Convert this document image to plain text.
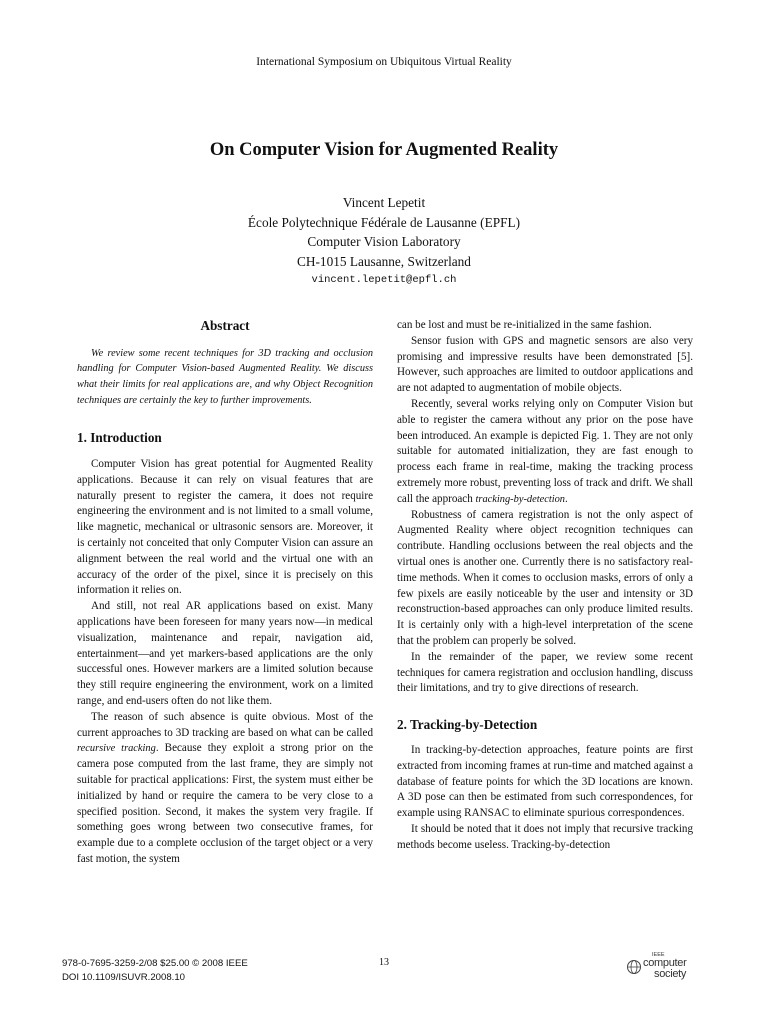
International Symposium on Ubiquitous Virtual Reality
On Computer Vision for Augmented Reality
Vincent Lepetit
École Polytechnique Fédérale de Lausanne (EPFL)
Computer Vision Laboratory
CH-1015 Lausanne, Switzerland
vincent.lepetit@epfl.ch
Abstract

We review some recent techniques for 3D tracking and occlusion handling for Computer Vision-based Augmented Reality. We discuss what their limits for real applications are, and why Object Recognition techniques are certainly the key to further improvements.

1. Introduction

Computer Vision has great potential for Augmented Reality applications. Because it can rely on visual features that are naturally present to register the camera, it does not require engineering the environment and is not limited to a small volume, like magnetic, mechanical or ultrasonic sensors are. Moreover, it is certainly not conceited that only Computer Vision can assure an alignment between the real world and the virtual one with an accuracy of the order of the pixel, since it is precisely on this information it relies on.

And still, not real AR applications based on exist. Many applications have been foreseen for many years now—in medical visualization, maintenance and repair, navigation aid, entertainment—and yet markers-based applications are the only successful ones. However markers are a limited solution because they still require engineering the environment, work on a limited range, and end-users often do not like them.

The reason of such absence is quite obvious. Most of the current approaches to 3D tracking are based on what can be called recursive tracking. Because they exploit a strong prior on the camera pose computed from the last frame, they are simply not suitable for practical applications: First, the system must either be initialized by hand or require the camera to be very close to a specified position. Second, it makes the system very fragile. If something goes wrong between two consecutive frames, for example due to a complete occlusion of the target object or a very fast motion, the system

can be lost and must be re-initialized in the same fashion.

Sensor fusion with GPS and magnetic sensors are also very promising and impressive results have been demonstrated [5]. However, such approaches are limited to outdoor applications and are not adapted to augmentation of mobile objects.

Recently, several works relying only on Computer Vision but able to register the camera without any prior on the pose have been introduced. An example is depicted Fig. 1. They are not only suitable for automated initialization, they are fast enough to process each frame in real-time, making the tracking process extremely more robust, preventing loss of track and drift. We shall call the approach tracking-by-detection.

Robustness of camera registration is not the only aspect of Augmented Reality where object recognition techniques can contribute. Handling occlusions between the real objects and the virtual ones is another one. Currently there is no satisfactory real-time methods. When it comes to occlusion masks, errors of only a few pixels are easily noticeable by the user and intensity or 3D reconstruction-based approaches can only produce limited results. It is certainly only with a high-level interpretation of the scene that the problem can properly be solved.

In the remainder of the paper, we review some recent techniques for camera registration and occlusion handling, discuss their limitations, and try to give directions of research.

2. Tracking-by-Detection

In tracking-by-detection approaches, feature points are first extracted from incoming frames at run-time and matched against a database of feature points for which the 3D locations are known. A 3D pose can then be estimated from such correspondences, for example using RANSAC to eliminate spurious correspondences.

It should be noted that it does not imply that recursive tracking methods become useless. Tracking-by-detection

978-0-7695-3259-2/08 $25.00 © 2008 IEEE
DOI 10.1109/ISUVR.2008.10
13
IEEE
computer
society
